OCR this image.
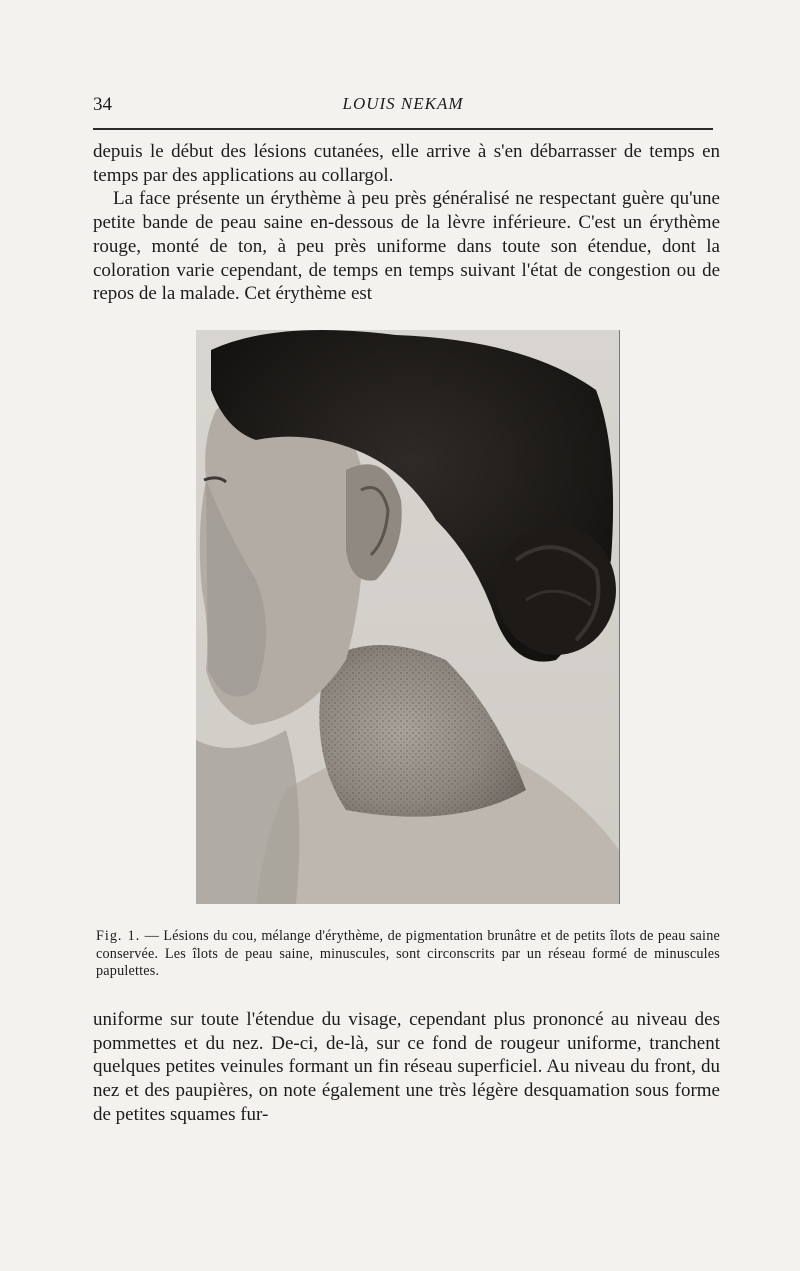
34	LOUIS NEKAM
depuis le début des lésions cutanées, elle arrive à s'en débarrasser de temps en temps par des applications au collargol.
La face présente un érythème à peu près généralisé ne respectant guère qu'une petite bande de peau saine en-dessous de la lèvre inférieure. C'est un érythème rouge, monté de ton, à peu près uniforme dans toute son étendue, dont la coloration varie cependant, de temps en temps suivant l'état de congestion ou de repos de la malade. Cet érythème est

Fig. 1. — Lésions du cou, mélange d'érythème, de pigmentation brunâtre et de petits îlots de peau saine conservée. Les îlots de peau saine, minuscules, sont circonscrits par un réseau formé de minuscules papulettes.

uniforme sur toute l'étendue du visage, cependant plus prononcé au niveau des pommettes et du nez. De-ci, de-là, sur ce fond de rougeur uniforme, tranchent quelques petites veinules formant un fin réseau superficiel. Au niveau du front, du nez et des paupières, on note également une très légère desquamation sous forme de petites squames fur-
